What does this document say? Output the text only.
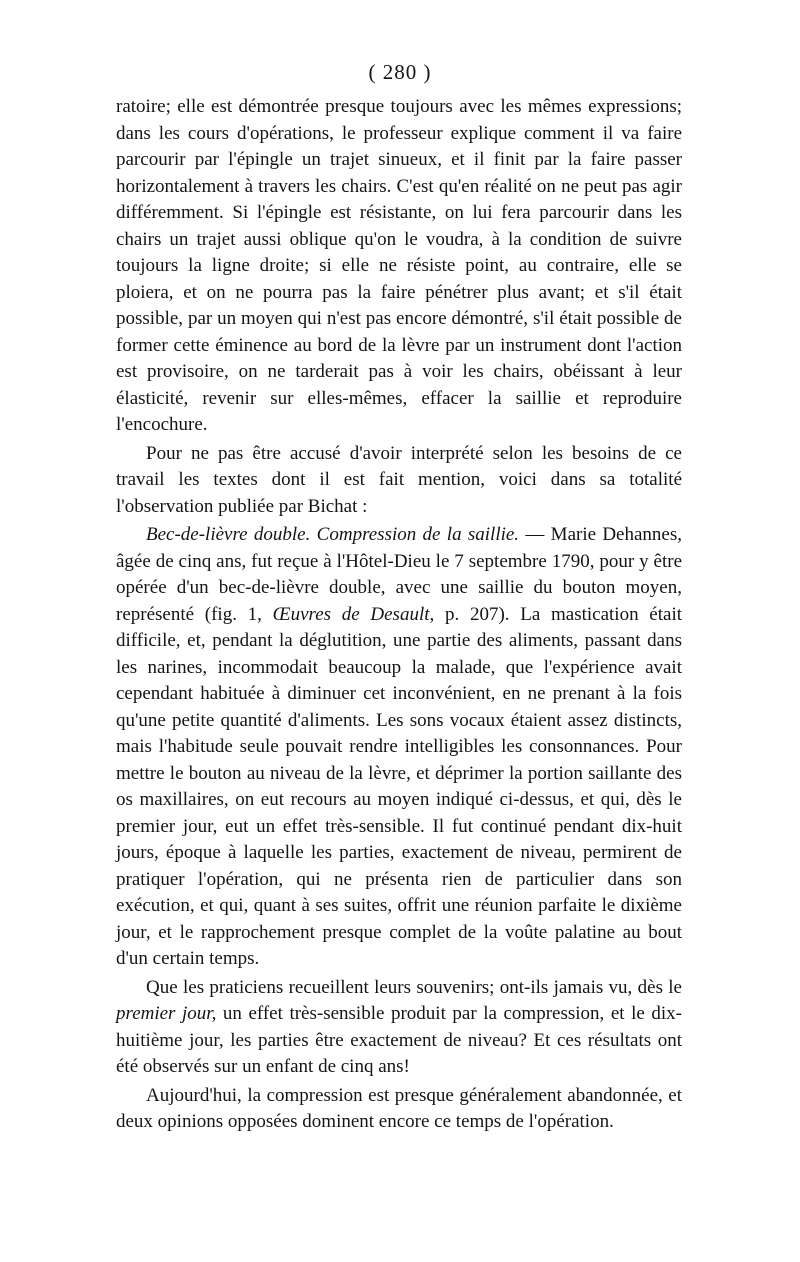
( 280 )

ratoire; elle est démontrée presque toujours avec les mêmes expressions; dans les cours d'opérations, le professeur explique comment il va faire parcourir par l'épingle un trajet sinueux, et il finit par la faire passer horizontalement à travers les chairs. C'est qu'en réalité on ne peut pas agir différemment. Si l'épingle est résistante, on lui fera parcourir dans les chairs un trajet aussi oblique qu'on le voudra, à la condition de suivre toujours la ligne droite; si elle ne résiste point, au contraire, elle se ploiera, et on ne pourra pas la faire pénétrer plus avant; et s'il était possible, par un moyen qui n'est pas encore démontré, s'il était possible de former cette éminence au bord de la lèvre par un instrument dont l'action est provisoire, on ne tarderait pas à voir les chairs, obéissant à leur élasticité, revenir sur elles-mêmes, effacer la saillie et reproduire l'encochure.

Pour ne pas être accusé d'avoir interprété selon les besoins de ce travail les textes dont il est fait mention, voici dans sa totalité l'observation publiée par Bichat :

Bec-de-lièvre double. Compression de la saillie. — Marie Dehannes, âgée de cinq ans, fut reçue à l'Hôtel-Dieu le 7 septembre 1790, pour y être opérée d'un bec-de-lièvre double, avec une saillie du bouton moyen, représenté (fig. 1, Œuvres de Desault, p. 207). La mastication était difficile, et, pendant la déglutition, une partie des aliments, passant dans les narines, incommodait beaucoup la malade, que l'expérience avait cependant habituée à diminuer cet inconvénient, en ne prenant à la fois qu'une petite quantité d'aliments. Les sons vocaux étaient assez distincts, mais l'habitude seule pouvait rendre intelligibles les consonnances. Pour mettre le bouton au niveau de la lèvre, et déprimer la portion saillante des os maxillaires, on eut recours au moyen indiqué ci-dessus, et qui, dès le premier jour, eut un effet très-sensible. Il fut continué pendant dix-huit jours, époque à laquelle les parties, exactement de niveau, permirent de pratiquer l'opération, qui ne présenta rien de particulier dans son exécution, et qui, quant à ses suites, offrit une réunion parfaite le dixième jour, et le rapprochement presque complet de la voûte palatine au bout d'un certain temps.

Que les praticiens recueillent leurs souvenirs; ont-ils jamais vu, dès le premier jour, un effet très-sensible produit par la compression, et le dix-huitième jour, les parties être exactement de niveau? Et ces résultats ont été observés sur un enfant de cinq ans!

Aujourd'hui, la compression est presque généralement abandonnée, et deux opinions opposées dominent encore ce temps de l'opération.
